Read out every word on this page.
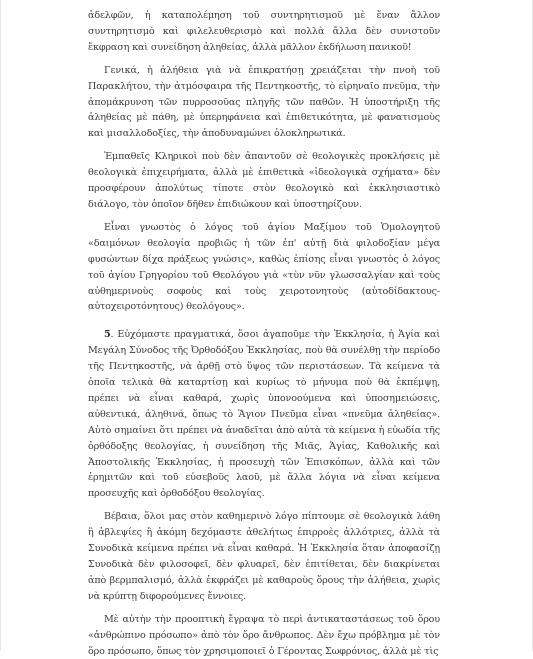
ἀδελφῶν, ἡ καταπολέμηση τοῦ συντηρητισμοῦ μὲ ἕναν ἄλλον συντηρητισμὸ καὶ φιλελευθερισμὸ καὶ πολλὰ ἄλλα δὲν συνιστοῦν ἔκφραση καὶ συνείδηση ἀληθείας, ἀλλὰ μᾶλλον ἐκδήλωση πανικοῦ!

Γενικά, ἡ ἀλήθεια γιὰ νὰ ἐπικρατήσῃ χρειάζεται τὴν πνοὴ τοῦ Παρακλήτου, τὴν ἀτμόσφαιρα τῆς Πεντηκοστῆς, τὸ εἰρηναῖο πνεῦμα, τὴν ἀπομάκρυνση τῶν πυρροσοῦας πληγῆς τῶν παθῶν. Ἡ ὑποστήριξη τῆς ἀληθείας μὲ πάθη, μὲ ὑπερηφάνεια καὶ ἐπιθετικότητα, μὲ φανατισμοὺς καὶ μισαλλοδοξίες, τὴν ἀποδυναμώνει ὁλοκληρωτικά.

Ἐμπαθεῖς Κληρικοὶ ποὺ δὲν ἀπαντοῦν σὲ θεολογικὲς προκλήσεις μὲ θεολογικὰ ἐπιχειρήματα, ἀλλὰ μὲ ἐπιθετικὰ «ἰδεολογικὰ σχήματα» δὲν προσφέρουν ἀπολύτως τίποτε στὸν θεολογικὸ καὶ ἐκκλησιαστικὸ διάλογο, τὸν ὁποῖον δῆθεν ἐπιδιώκουν καὶ ὑποστηρίζουν.

Εἶναι γνωστὸς ὁ λόγος τοῦ ἁγίου Μαξίμου τοῦ Ὁμολογητοῦ «δαιμόνων θεολογία προβιῶς ἡ τῶν ἐπ' αὐτῇ διὰ φιλοδοξίαν μέγα φυσώντων δίχα πράξεως γνώσις», καθὼς ἐπίσης εἶναι γνωστὸς ὁ λόγος τοῦ ἁγίου Γρηγορίου τοῦ Θεολόγου γιὰ «τὺν νῦν γλωσσαλγίαν καὶ τοὺς αὐθημερινοὺς σοφοὺς καὶ τοὺς χειροτονητοὺς (αὐτοδίδακτους-αὐτοχειροτόνητους) θεολόγους».

5. Εὐχόμαστε πραγματικά, ὅσοι ἀγαποῦμε τὴν Ἐκκλησία, ἡ Ἁγία καὶ Μεγάλη Σύνοδος τῆς Ὀρθοδόξου Ἐκκλησίας, ποὺ θὰ συνέλθῃ τὴν περίοδο τῆς Πεντηκοστῆς, νὰ ἀρθῇ στὸ ὕψος τῶν περιστάσεων. Τὰ κείμενα τὰ ὁποῖα τελικὰ θὰ καταρτίσῃ καὶ κυρίως τὸ μήνυμα ποὺ θὰ ἐκπέμψῃ, πρέπει νὰ εἶναι καθαρά, χωρὶς ὑπονοούμενα καὶ ὑποσημειώσεις, αὐθεντικά, ἀληθινά, ὅπως τὸ Ἅγιον Πνεῦμα εἶναι «πνεῦμα ἀληθείας». Αὐτὸ σημαίνει ὅτι πρέπει νὰ ἀναδεῖται ἀπὸ αὐτὰ τὰ κείμενα ἡ εὐωδία τῆς ὀρθόδοξης θεολογίας, ἡ συνείδηση τῆς Μιᾶς, Ἁγίας, Καθολικῆς καὶ Ἀποστολικῆς Ἐκκλησίας, ἡ προσευχὴ τῶν Ἐπισκόπων, ἀλλὰ καὶ τῶν ἐρημιτῶν καὶ τοῦ εὐσεβοῦς λαοῦ, μὲ ἄλλα λόγια νὰ εἶναι κείμενα προσευχῆς καὶ ὀρθοδόξου θεολογίας.

Βέβαια, ὅλοι μας στὸν καθημερινὸ λόγο πίπτουμε σὲ θεολογικὰ λάθη ἢ ἀβλεψίες ἢ ἀκόμη δεχόμαστε ἀθελήτως ἐπιρροὲς ἀλλότριες, ἀλλὰ τὰ Συνοδικὰ κείμενα πρέπει νὰ εἶναι καθαρά. Ἡ Ἐκκλησία ὅταν ἀποφασίζῃ Συνοδικὰ δὲν φιλοσοφεῖ, δὲν φλυαρεῖ, δὲν ἐπιτίθεται, δὲν διακρίνεται ἀπὸ βερμπαλισμό, ἀλλὰ ἐκφράζει μὲ καθαροὺς ὅρους τὴν ἀλήθεια, χωρὶς νὰ κρύπτῃ διφορούμενες ἔννοιες.

Μὲ αὐτὴν τὴν προοπτικὴ ἔγραψα τὸ περὶ ἀντικαταστάσεως τοῦ ὅρου «ἀνθρώπινο πρόσωπο» ἀπὸ τὸν ὅρο ἄνθρωπος. Δὲν ἔχω πρόβλημα μὲ τὸν ὅρο πρόσωπο, ὅπως τὸν χρησιμοποιεῖ ὁ Γέροντας Σωφρόνιος, ἀλλὰ μὲ τὶς
